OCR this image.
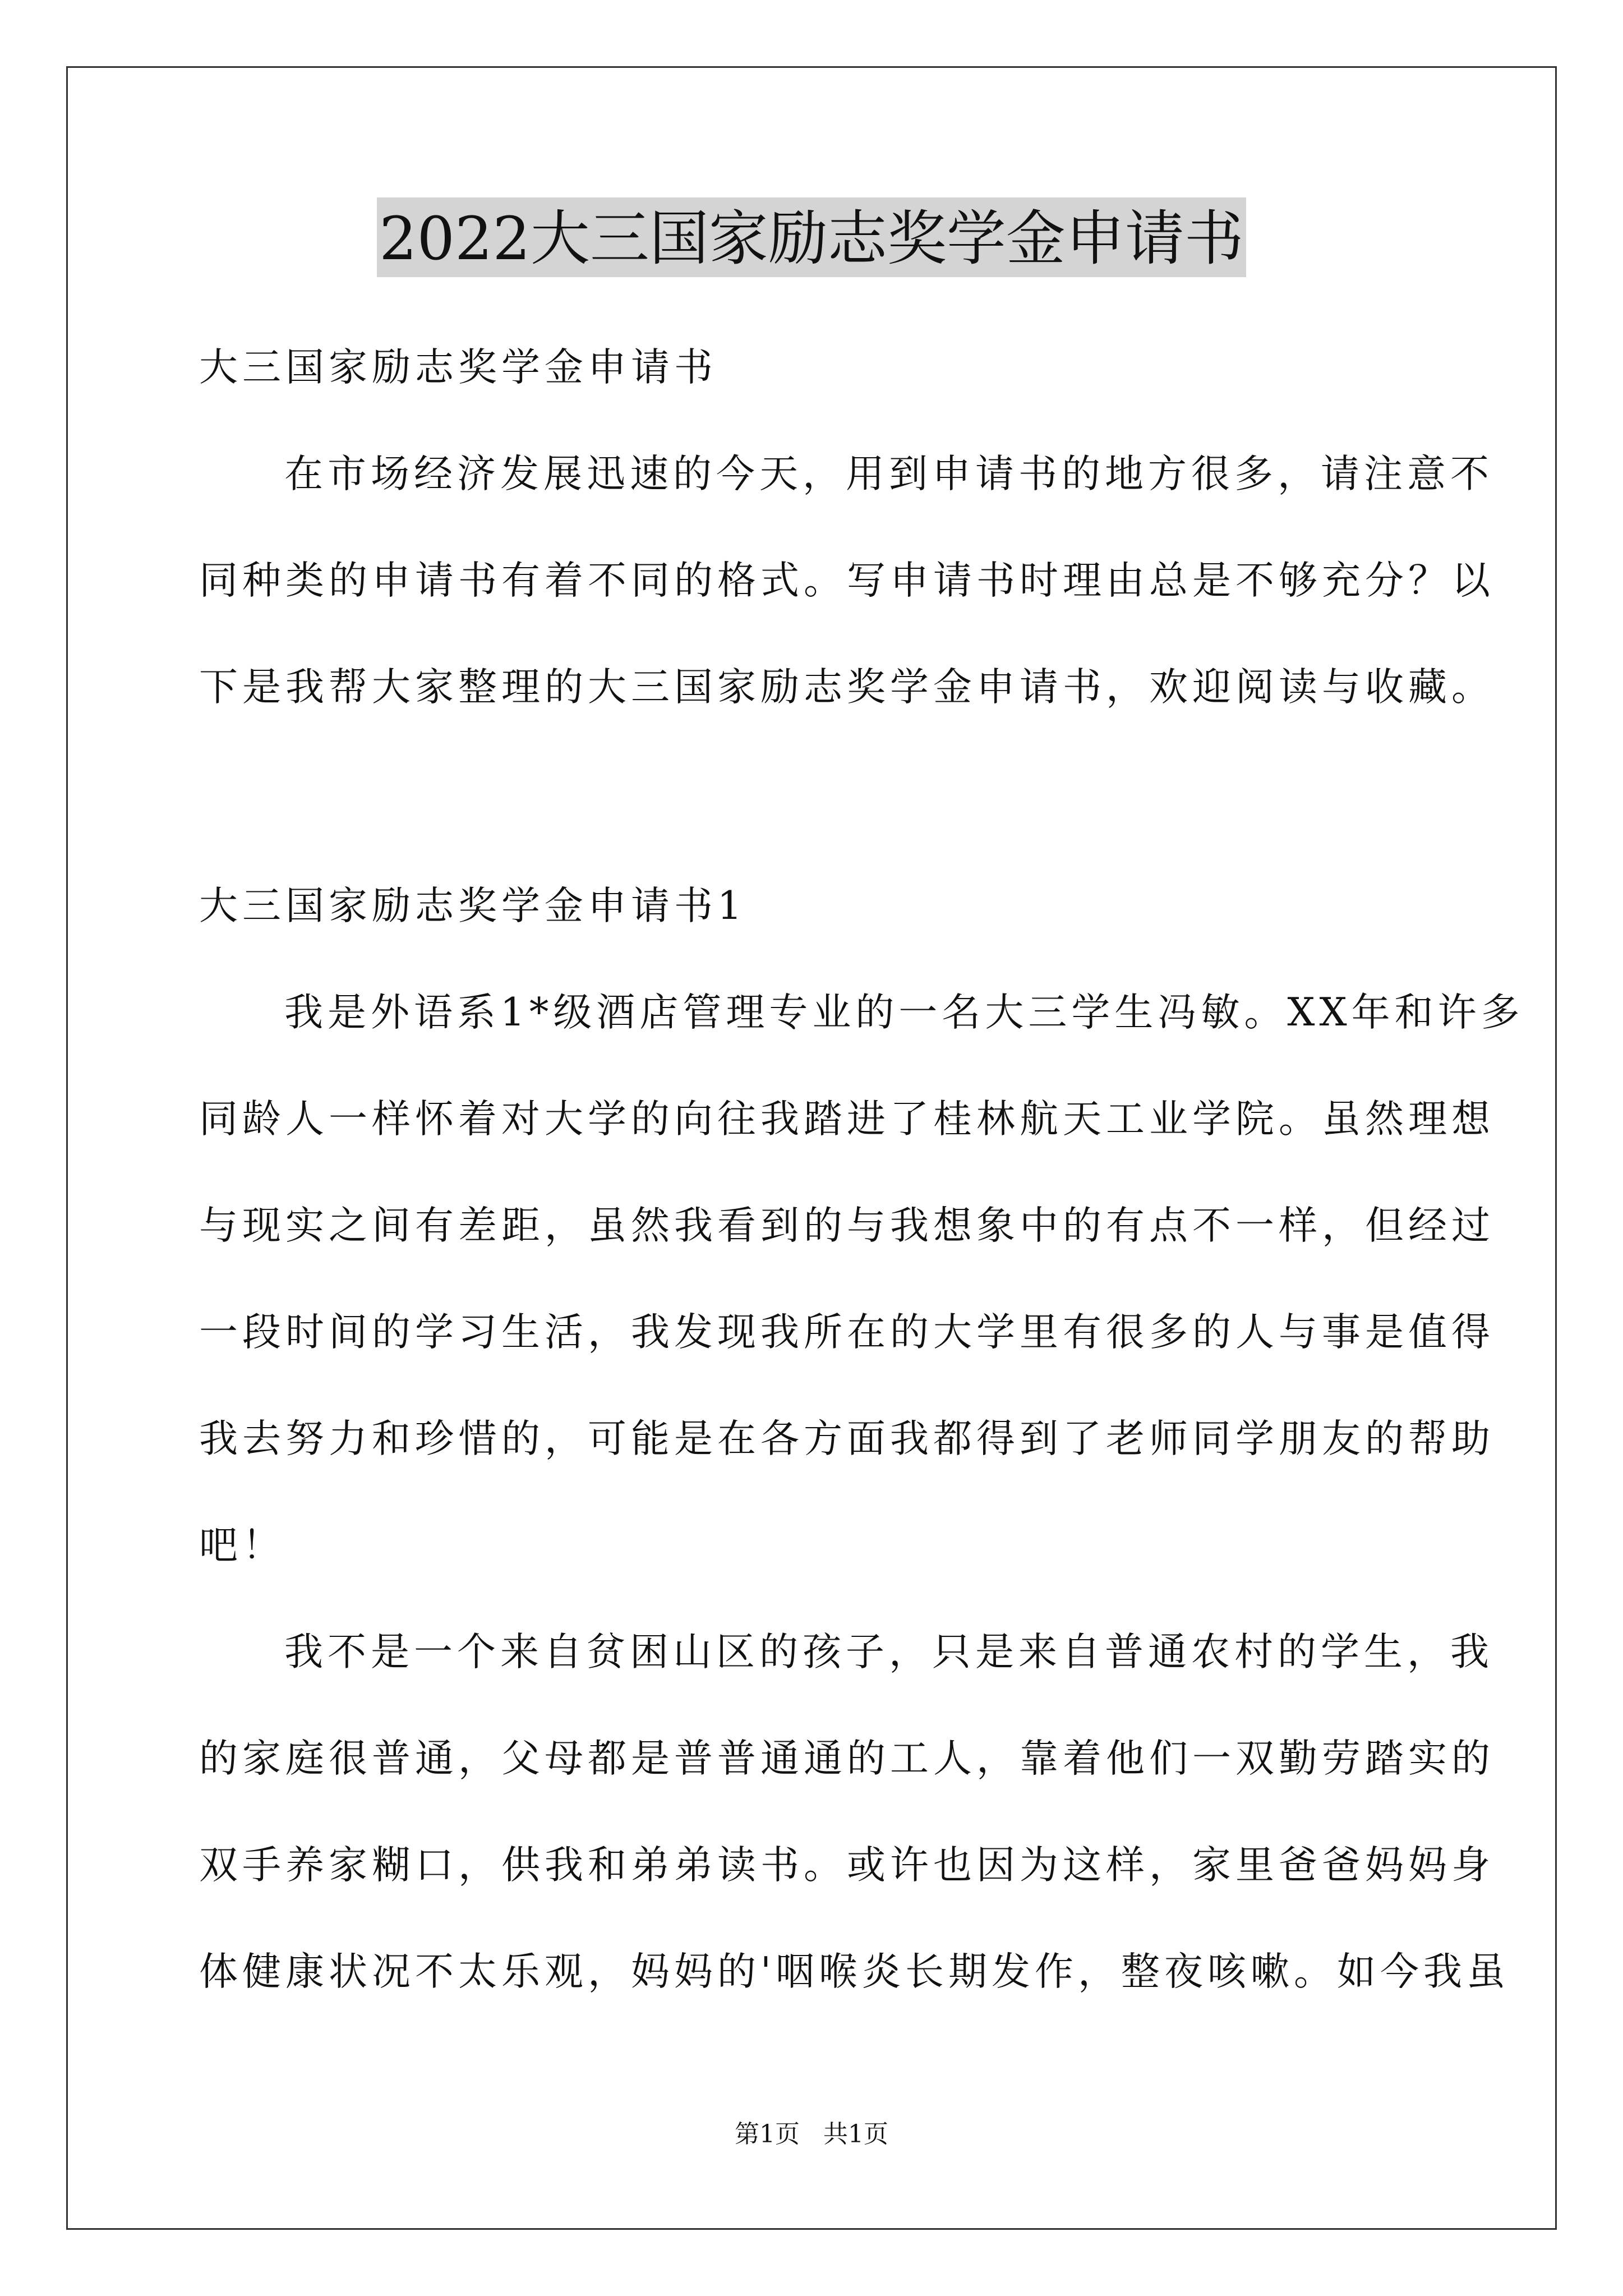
2022大三国家励志奖学金申请书
大三国家励志奖学金申请书
在市场经济发展迅速的今天，用到申请书的地方很多，请注意不
同种类的申请书有着不同的格式。写申请书时理由总是不够充分？以
下是我帮大家整理的大三国家励志奖学金申请书，欢迎阅读与收藏。
大三国家励志奖学金申请书1
我是外语系1*级酒店管理专业的一名大三学生冯敏。XX年和许多
同龄人一样怀着对大学的向往我踏进了桂林航天工业学院。虽然理想
与现实之间有差距，虽然我看到的与我想象中的有点不一样，但经过
一段时间的学习生活，我发现我所在的大学里有很多的人与事是值得
我去努力和珍惜的，可能是在各方面我都得到了老师同学朋友的帮助
吧！
我不是一个来自贫困山区的孩子，只是来自普通农村的学生，我
的家庭很普通，父母都是普普通通的工人，靠着他们一双勤劳踏实的
双手养家糊口，供我和弟弟读书。或许也因为这样，家里爸爸妈妈身
体健康状况不太乐观，妈妈的'咽喉炎长期发作，整夜咳嗽。如今我虽
第1页 共1页
